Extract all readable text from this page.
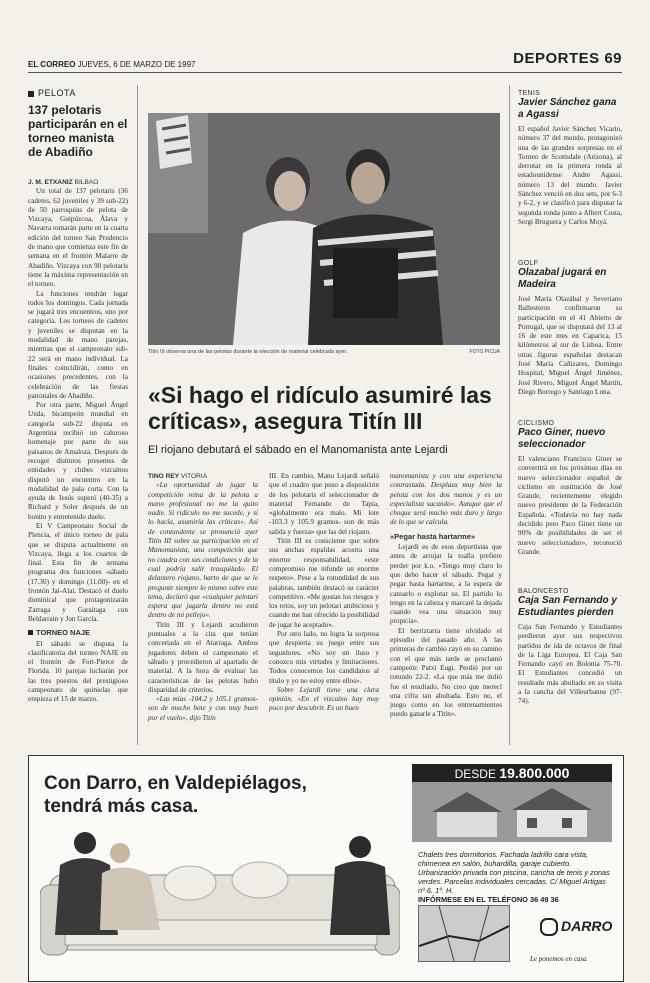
EL CORREO JUEVES, 6 DE MARZO DE 1997	DEPORTES 69
PELOTA
137 pelotaris participarán en el torneo manista de Abadiño

J. M. ETXANIZ BILBAO

Un total de 137 pelotaris (36 cadetes, 62 juveniles y 39 sub-22) de 50 parroquias de pelota de Vizcaya, Guipúzcoa, Álava y Navarra tomarán parte en la cuarta edición del torneo San Prudencio de mano que comienza este fin de semana en el frontón Malarre de Abadiño. Vizcaya con 90 pelotaris tiene la máxima representación en el torneo.

La funciones tendrán lugar todos los domingos. Cada jornada se jugará tres encuentros, uno por categoría. Los torneos de cadetes y juveniles se disputan en la modalidad de mano parejas, mientras que el campeonato sub-22 será en mano individual. La finales coincidirán, como en ocasiones precedentes, con la celebración de las fiestas patronales de Abadiño.

Por otra parte, Miguel Ángel Unda, bicampeón mundial en categoría sub-22 disputa en Argentina recibió un caluroso homenaje por parte de sus paisanos de Amaloza. Después de recoger distintos presentes de entidades y clubes vizcaínos disputó un encuentro en la modalidad de pala corta. Con la ayuda de Jesús superó (40-35) a Richard y Soler después de un bonito y entretenido duelo.

El V Campeonato Social de Plencia, el único torneo de pala que se disputa actualmente en Vizcaya, llega a los cuartos de final. Esta fin de semana programa dos funciones -sábado (17.30) y domingo (11.00)- en el frontón Jai-Alai. Destacó el duelo dominical que protagonizarán Zarraga y Garaitaga con Beldarrain y Jon García.

TORNEO NAJE

El sábado se disputa la clasificatoria del torneo NAJE en el frontón de Fort-Pierce de Florida. 10 parejas lucharán por las tres puestos del prestigioso campeonato de quinielas que empieza el 15 de marzo.

Titín III observa una de las pelotas durante la elección de material celebrada ayer.	FOTO PICUA
«Si hago el ridículo asumiré las críticas», asegura Titín III
El riojano debutará el sábado en el Manomanista ante Lejardi

TINO REY VITORIA

«La oportunidad de jugar la competición reina de la pelota a mano profesional no me la quito nadie. Si ridículo no me sucede, y si lo hacía, asumiría las críticas». Así de contundente se pronunció ayer Titín III sobre su participación en el Manomanista, una competición que no cuadra con sus condiciones y de la cual podría salir trasquilado. El delantero riojano, harto de que se le pregunte siempre lo mismo sobre este tema, declaró que «cualquier pelotari espera que jugarla dentro no está dentro de mi pellejo».

Titín III y Lejardi acudieron puntuales a la cita que tenían concertada en el Atarraga. Ambos jugadores deben el campeonato el sábado y procedieron al apartado de material. A la hora de evaluar las características de las pelotas hubo disparidad de criterios.

«Las mías -104.2 y 105.1 gramos- son de mucho bote y con muy buen por el vuelo», dijo Titín

III. En cambio, Manu Lejardi señaló que el cuadro que puso a disposición de los pelotaris el seleccionador de material Fernando de Tapia, «globalmente era malo. Mi lote -103.3 y 105.9 gramos- son de más salida y fuerza» que las del riojano.

Titín III es consciente que sobre sus anchas espaldas acostra una enorme responsabilidad, «este compromiso me infunde un enorme respeto». Pese a la rotundidad de sus palabras, también destacó su carácter competitivo. «Me gustan los riesgos y los retos, soy un pelotari ambicioso y cuando me han ofrecido la posibilidad de jugar he aceptado».

Por otro lado, no logra la sorpresa que despierta su juego entre sus seguidores. «No soy un iluso y conozco mis virtudes y limitaciones. Todos conocemos los candidatos al título y yo no estoy entre ellos».

Sobre Lejardi tiene una clara opinión. «En el vizcaíno hay muy poco por descubrir. Es un buen

manomanista y con una experiencia contrastada. Desplaza muy bien la pelota con los dos manos y es un especialista sacando». Aunque que el choque será mucho más duro y largo de lo que se calcula.

«Pegar hasta hartarme»

Lejardi es de esos deportistas que antes de arrojar la toalla prefiere perder por k.o. «Tengo muy claro lo que debo hacer el sábado. Pegar y pegar hasta hartarme, a la espera de cansarlo o explotar su. El partido lo tengo en la cabeza y marcaré la dejada cuando vea una situación muy propicia».

El berriztarra tiene olvidado el episodio del pasado año. A las primeras de cambio cayó en su camino con el que más tarde se proclamó campeón: Patxi Eugi. Perdió por un rotundo 22-2. «La que más me dolió fue el resultado. No creo que merecí una cifra tan abultada. Esto no, el juego como en los entrenamientos puedo ganarle a Titín».

TENIS
Javier Sánchez gana a Agassi
El español Javier Sánchez Vicario, número 37 del mundo, protagonizó una de las grandes sorpresas en el Torneo de Scottsdale (Arizona), al derrotar en la primera ronda al estadounidense Andre Agassi, número 13 del mundo. Javier Sánchez venció en dos sets, por 6-3 y 6-2, y se clasificó para disputar la segunda ronda junto a Albert Costa, Sergi Bruguera y Carlos Moyá.
GOLF
Olazabal jugará en Madeira
José María Olazábal y Severiano Ballesteros confirmaron su participación en el 41 Abierto de Portugal, que se disputará del 13 al 16 de este mes en Caparica, 15 kilómetros al sur de Lisboa. Entre otras figuras españolas destacan José María Cañizares, Domingo Hospital, Miguel Ángel Jiménez, José Rivero, Miguel Ángel Martín, Diego Borrego y Santiago Luna.
CICLISMO
Paco Giner, nuevo seleccionador
El valenciano Francisco Giner se convertirá en los próximos días en nuevo seleccionador español de ciclismo en sustitución de José Grande, recientemente elegido nuevo presidente de la Federación Española. «Todavía no hay nada decidido pero Paco Giner tiene un 90% de posibilidades de ser el nuevo seleccionador», reconoció Grande.
BALONCESTO
Caja San Fernando y Estudiantes pierden
Caja San Fernando y Estudiantes perdieron ayer sus respectivos partidos de ida de octavos de final de la Liga Europea. El Caja San Fernando cayó en Bolonia 75-70. El Estudiantes concedió un resultado más abultado en su visita a la cancha del Villeurbanne (97-74).
Con Darro, en Valdepiélagos,
tendrá más casa.
DESDE 19.800.000
Chalets tres dormitorios. Fachada ladrillo cara vista, chimenea en salón, buhardilla, garaje cubierto. Urbanización privada con piscina, cancha de tenis y zonas verdes. Parcelas individuales cercadas. C/ Miguel Artigas nº 6. 1º. H.
INFÓRMESE EN EL TELÉFONO 36 49 36
DARRO
Le ponemos en casa
